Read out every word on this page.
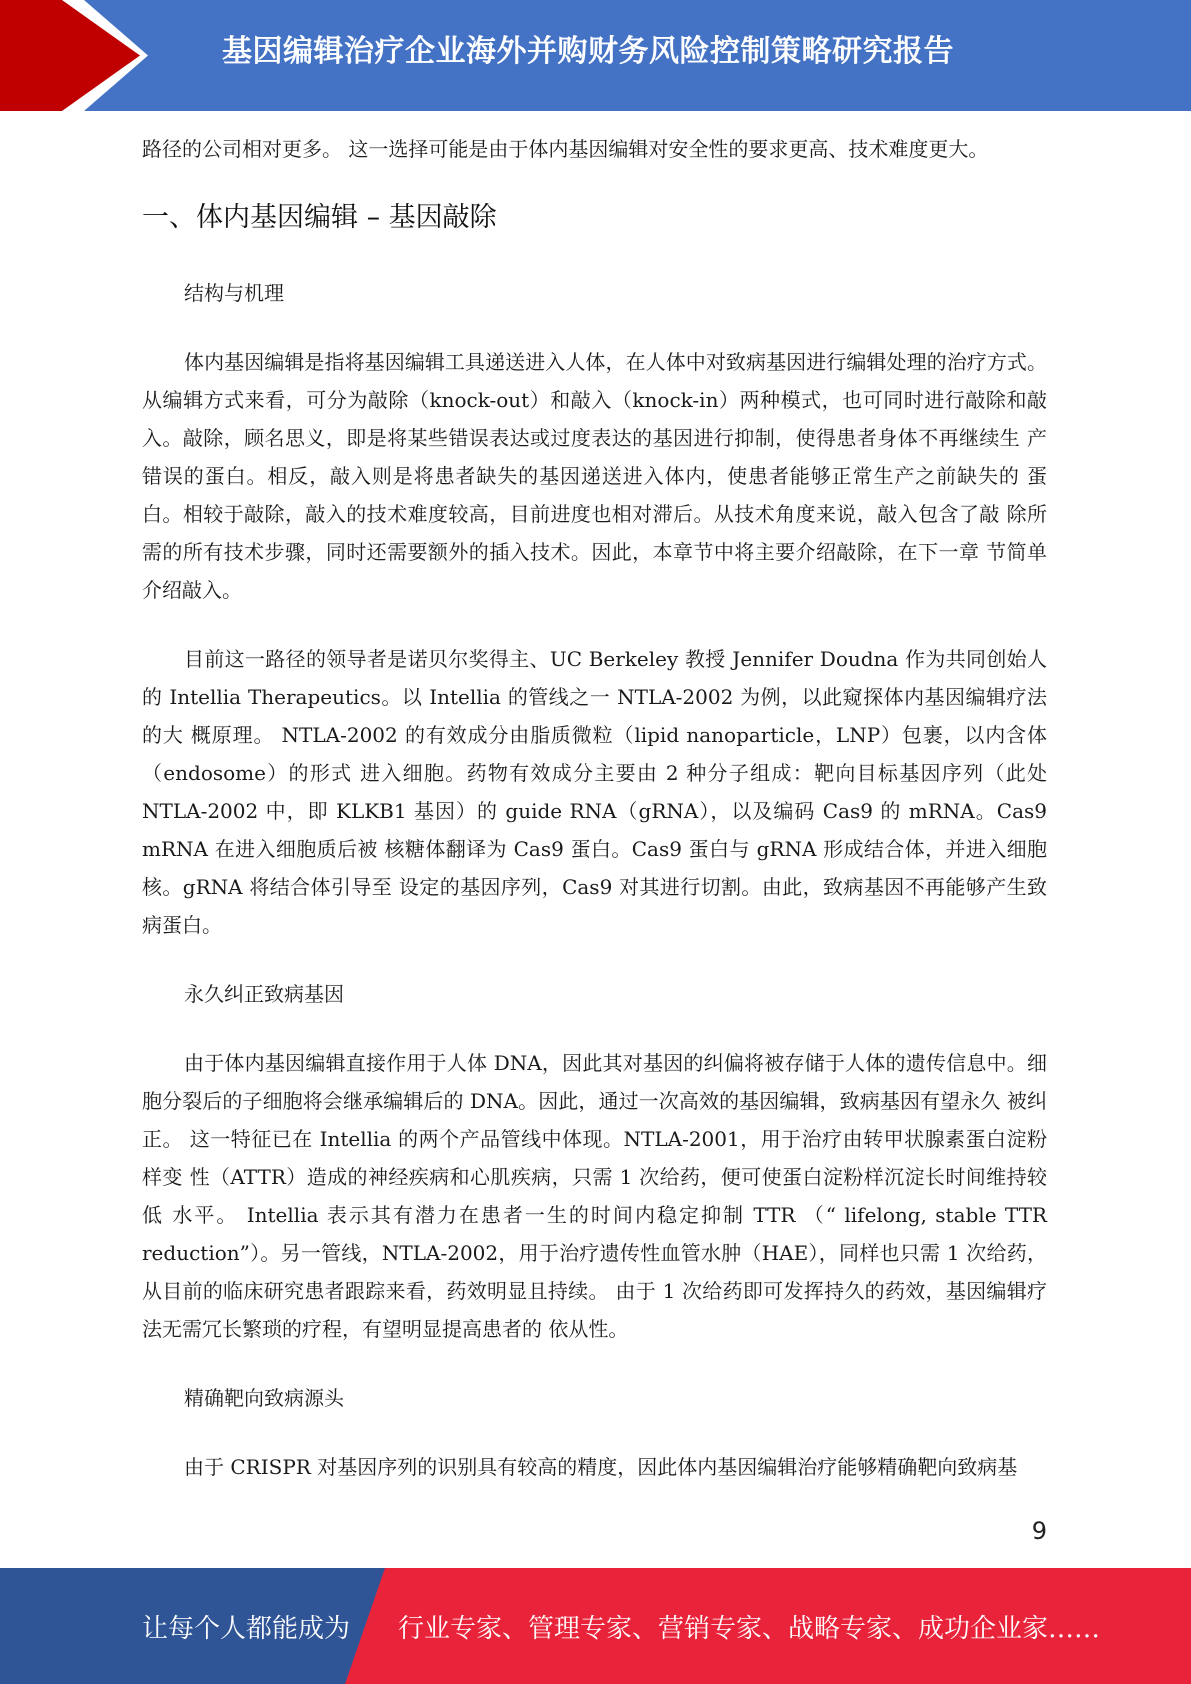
基因编辑治疗企业海外并购财务风险控制策略研究报告

路径的公司相对更多。 这一选择可能是由于体内基因编辑对安全性的要求更高、技术难度更大。

一、体内基因编辑 – 基因敲除

结构与机理

体内基因编辑是指将基因编辑工具递送进入人体，在人体中对致病基因进行编辑处理的治疗方式。 从编辑方式来看，可分为敲除（knock-out）和敲入（knock-in）两种模式，也可同时进行敲除和敲 入。敲除，顾名思义，即是将某些错误表达或过度表达的基因进行抑制，使得患者身体不再继续生 产错误的蛋白。相反，敲入则是将患者缺失的基因递送进入体内，使患者能够正常生产之前缺失的 蛋白。相较于敲除，敲入的技术难度较高，目前进度也相对滞后。从技术角度来说，敲入包含了敲 除所需的所有技术步骤，同时还需要额外的插入技术。因此，本章节中将主要介绍敲除，在下一章 节简单介绍敲入。

目前这一路径的领导者是诺贝尔奖得主、UC Berkeley 教授 Jennifer Doudna 作为共同创始人的 Intellia Therapeutics。以 Intellia 的管线之一 NTLA-2002 为例，以此窥探体内基因编辑疗法的大 概原理。 NTLA-2002 的有效成分由脂质微粒（lipid nanoparticle，LNP）包裹，以内含体（endosome）的形式 进入细胞。药物有效成分主要由 2 种分子组成：靶向目标基因序列（此处 NTLA-2002 中，即 KLKB1 基因）的 guide RNA（gRNA），以及编码 Cas9 的 mRNA。Cas9 mRNA 在进入细胞质后被 核糖体翻译为 Cas9 蛋白。Cas9 蛋白与 gRNA 形成结合体，并进入细胞核。gRNA 将结合体引导至 设定的基因序列，Cas9 对其进行切割。由此，致病基因不再能够产生致病蛋白。

永久纠正致病基因

由于体内基因编辑直接作用于人体 DNA，因此其对基因的纠偏将被存储于人体的遗传信息中。细 胞分裂后的子细胞将会继承编辑后的 DNA。因此，通过一次高效的基因编辑，致病基因有望永久 被纠正。 这一特征已在 Intellia 的两个产品管线中体现。NTLA-2001，用于治疗由转甲状腺素蛋白淀粉样变 性（ATTR）造成的神经疾病和心肌疾病，只需 1 次给药，便可使蛋白淀粉样沉淀长时间维持较低 水平。 Intellia 表示其有潜力在患者一生的时间内稳定抑制 TTR （“ lifelong, stable TTR reduction”）。另一管线，NTLA-2002，用于治疗遗传性血管水肿（HAE），同样也只需 1 次给药， 从目前的临床研究患者跟踪来看，药效明显且持续。 由于 1 次给药即可发挥持久的药效，基因编辑疗法无需冗长繁琐的疗程，有望明显提高患者的 依从性。

精确靶向致病源头

由于 CRISPR 对基因序列的识别具有较高的精度，因此体内基因编辑治疗能够精确靶向致病基

9
让每个人都能成为 行业专家、管理专家、营销专家、战略专家、成功企业家……
